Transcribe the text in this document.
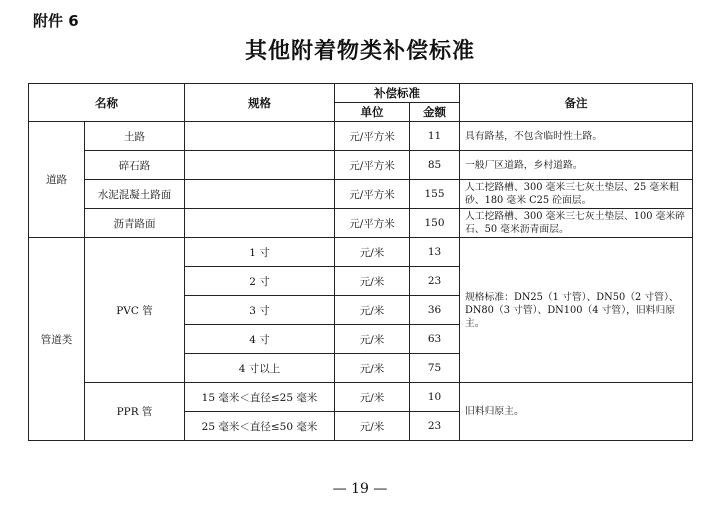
附件 6
其他附着物类补偿标准
名称		规格	补偿标准		备注
			单位	金额	
道路	土路		元/平方米	11	具有路基，不包含临时性土路。
	碎石路		元/平方米	85	一般厂区道路，乡村道路。
	水泥混凝土路面		元/平方米	155	人工挖路槽、300 毫米三七灰土垫层、25 毫米粗砂、180 毫米 C25 砼面层。
	沥青路面		元/平方米	150	人工挖路槽、300 毫米三七灰土垫层、100 毫米碎石、50 毫米沥青面层。
管道类	PVC 管	1 寸	元/米	13	规格标准：DN25（1 寸管）、DN50（2 寸管）、DN80（3 寸管）、DN100（4 寸管），旧料归原主。
		2 寸	元/米	23	
		3 寸	元/米	36	
		4 寸	元/米	63	
		4 寸以上	元/米	75	
	PPR 管	15 毫米＜直径≤25 毫米	元/米	10	旧料归原主。
		25 毫米＜直径≤50 毫米	元/米	23	
— 19 —
